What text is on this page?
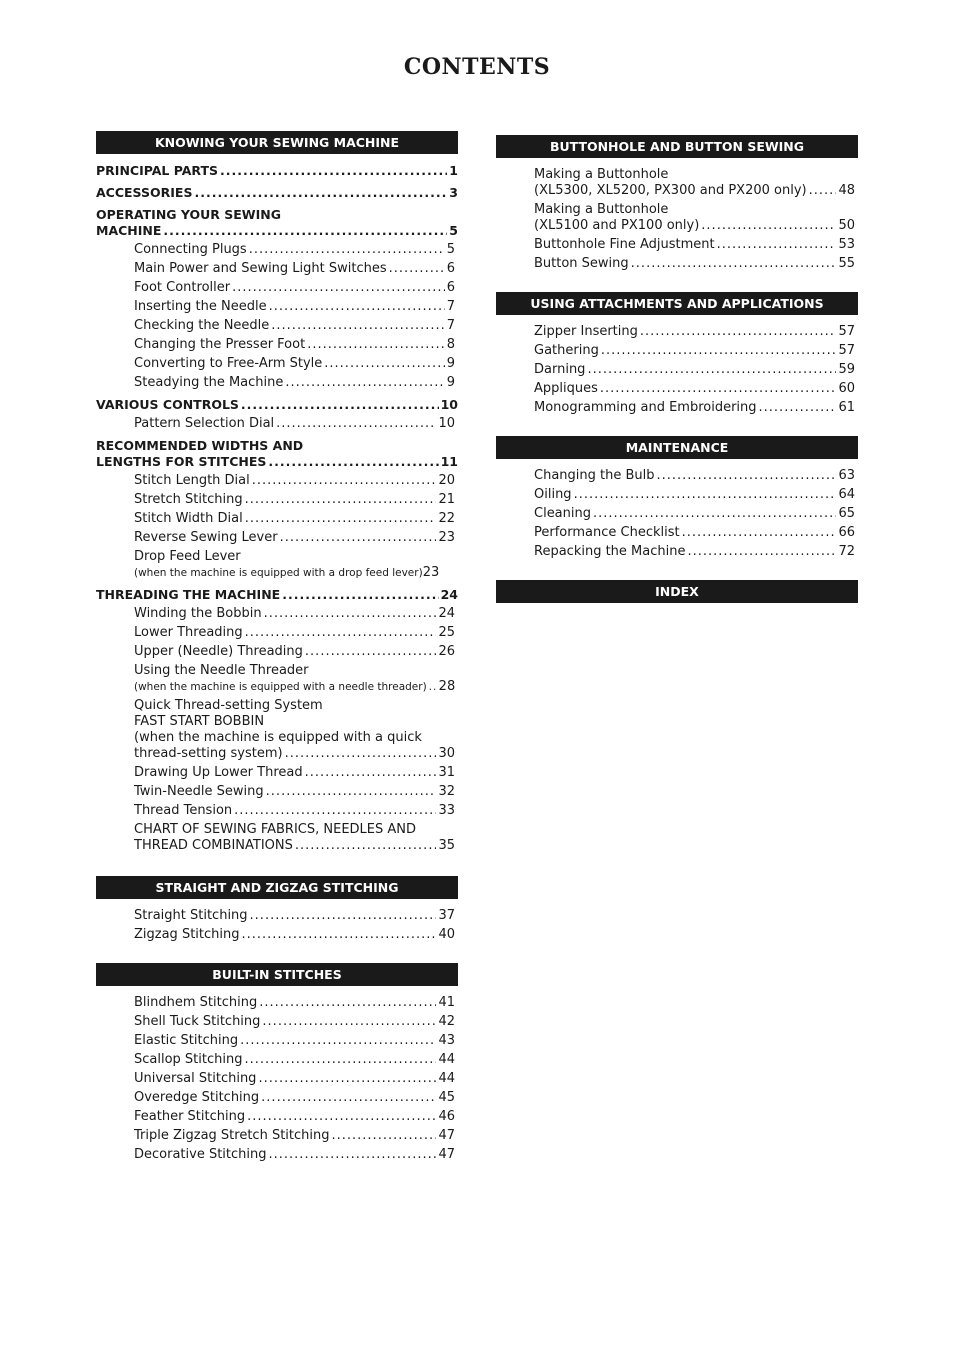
CONTENTS
KNOWING YOUR SEWING MACHINE
PRINCIPAL PARTS .....	1
ACCESSORIES .....	3
OPERATING YOUR SEWING
MACHINE .....	5
Connecting Plugs .....	5
Main Power and Sewing Light Switches .....	6
Foot Controller .....	6
Inserting the Needle .....	7
Checking the Needle .....	7
Changing the Presser Foot .....	8
Converting to Free-Arm Style .....	9
Steadying the Machine .....	9
VARIOUS CONTROLS .....	10
Pattern Selection Dial .....	10
RECOMMENDED WIDTHS AND
LENGTHS FOR STITCHES .....	11
Stitch Length Dial .....	20
Stretch Stitching .....	21
Stitch Width Dial .....	22
Reverse Sewing Lever .....	23
Drop Feed Lever
(when the machine is equipped with a drop feed lever) 23
THREADING THE MACHINE .....	24
Winding the Bobbin .....	24
Lower Threading .....	25
Upper (Needle) Threading .....	26
Using the Needle Threader
(when the machine is equipped with a needle threader) ..... 28
Quick Thread-setting System
FAST START BOBBIN
(when the machine is equipped with a quick
thread-setting system) .....	30
Drawing Up Lower Thread .....	31
Twin-Needle Sewing .....	32
Thread Tension .....	33
CHART OF SEWING FABRICS, NEEDLES AND
THREAD COMBINATIONS .....	35
STRAIGHT AND ZIGZAG STITCHING
Straight Stitching .....	37
Zigzag Stitching .....	40
BUILT-IN STITCHES
Blindhem Stitching .....	41
Shell Tuck Stitching .....	42
Elastic Stitching .....	43
Scallop Stitching .....	44
Universal Stitching .....	44
Overedge Stitching .....	45
Feather Stitching .....	46
Triple Zigzag Stretch Stitching .....	47
Decorative Stitching .....	47
BUTTONHOLE AND BUTTON SEWING
Making a Buttonhole
(XL5300, XL5200, PX300 and PX200 only) ..... 48
Making a Buttonhole
(XL5100 and PX100 only) .....	50
Buttonhole Fine Adjustment .....	53
Button Sewing .....	55
USING ATTACHMENTS AND APPLICATIONS
Zipper Inserting .....	57
Gathering .....	57
Darning .....	59
Appliques .....	60
Monogramming and Embroidering .....	61
MAINTENANCE
Changing the Bulb .....	63
Oiling .....	64
Cleaning .....	65
Performance Checklist .....	66
Repacking the Machine .....	72
INDEX
